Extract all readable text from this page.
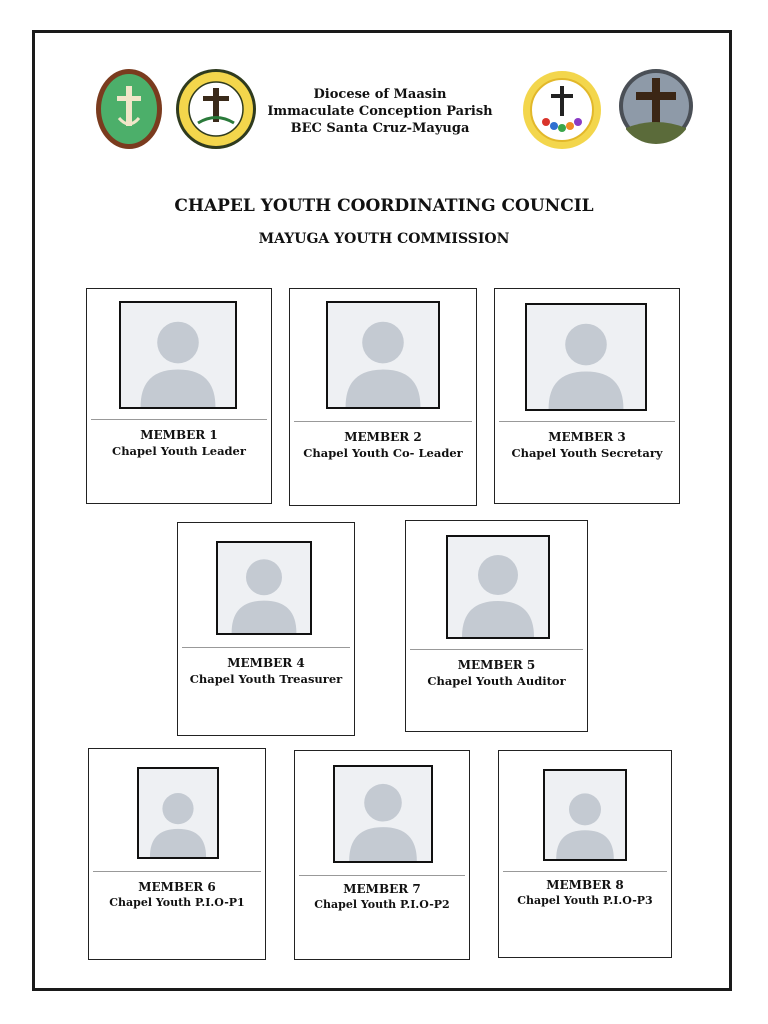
Diocese of Maasin
Immaculate Conception Parish
BEC Santa Cruz-Mayuga
CHAPEL YOUTH COORDINATING COUNCIL
MAYUGA YOUTH COMMISSION
MEMBER 1
Chapel Youth Leader
MEMBER 2
Chapel Youth Co- Leader
MEMBER 3
Chapel Youth Secretary
MEMBER 4
Chapel Youth Treasurer
MEMBER 5
Chapel Youth Auditor
MEMBER 6
Chapel Youth P.I.O-P1
MEMBER 7
Chapel Youth P.I.O-P2
MEMBER 8
Chapel Youth P.I.O-P3
